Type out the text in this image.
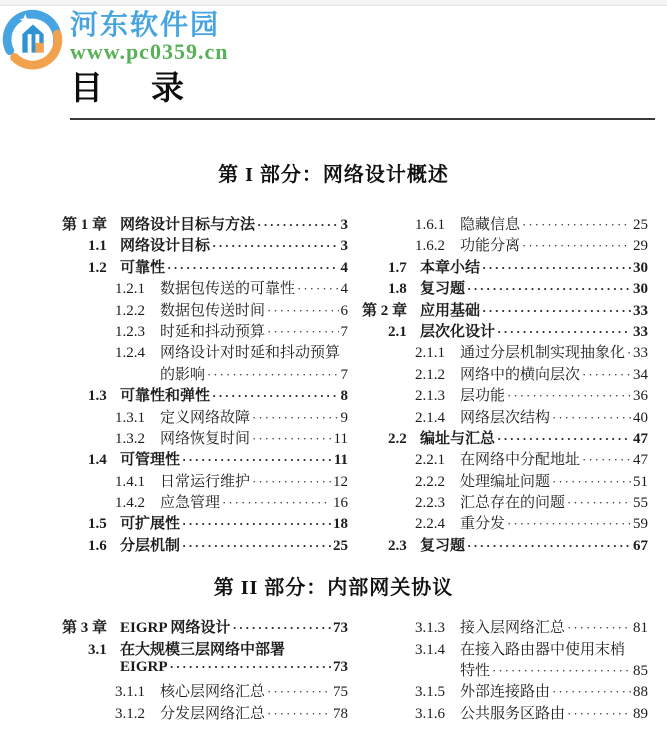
河东软件园
www.pc0359.cn
目录
第 I 部分：网络设计概述
第 1 章 网络设计目标与方法 ·····	3
1.1 网络设计目标 ·····	3
1.2 可靠性 ·····	4
1.2.1	数据包传送的可靠性 ·····	4
1.2.2	数据包传送时间 ·····	6
1.2.3	时延和抖动预算 ·····	7
1.2.4	网络设计对时延和抖动预算
的影响 ·····	7
1.3 可靠性和弹性 ·····	8
1.3.1	定义网络故障 ·····	9
1.3.2	网络恢复时间 ·····	11
1.4 可管理性 ·····	11
1.4.1	日常运行维护 ·····	12
1.4.2	应急管理 ·····	16
1.5 可扩展性 ·····	18
1.6 分层机制 ·····	25
1.6.1	隐藏信息 ·····	25
1.6.2	功能分离 ·····	29
1.7 本章小结 ·····	30
1.8 复习题 ·····	30
第 2 章 应用基础 ·····	33
2.1 层次化设计 ·····	33
2.1.1	通过分层机制实现抽象化 ····· 33
2.1.2	网络中的横向层次 ·····	34
2.1.3	层功能 ·····	36
2.1.4	网络层次结构 ·····	40
2.2 编址与汇总 ·····	47
2.2.1	在网络中分配地址 ·····	47
2.2.2	处理编址问题 ·····	51
2.2.3	汇总存在的问题 ·····	55
2.2.4	重分发 ·····	59
2.3 复习题 ·····	67
第 II 部分：内部网关协议
第 3 章 EIGRP 网络设计 ·····	73
3.1 在大规模三层网络中部署
EIGRP ·····	73
3.1.1	核心层网络汇总 ·····	75
3.1.2	分发层网络汇总 ·····	78
3.1.3	接入层网络汇总 ·····	81
3.1.4	在接入路由器中使用末梢
特性 ·····	85
3.1.5	外部连接路由 ·····	88
3.1.6	公共服务区路由 ·····	89
